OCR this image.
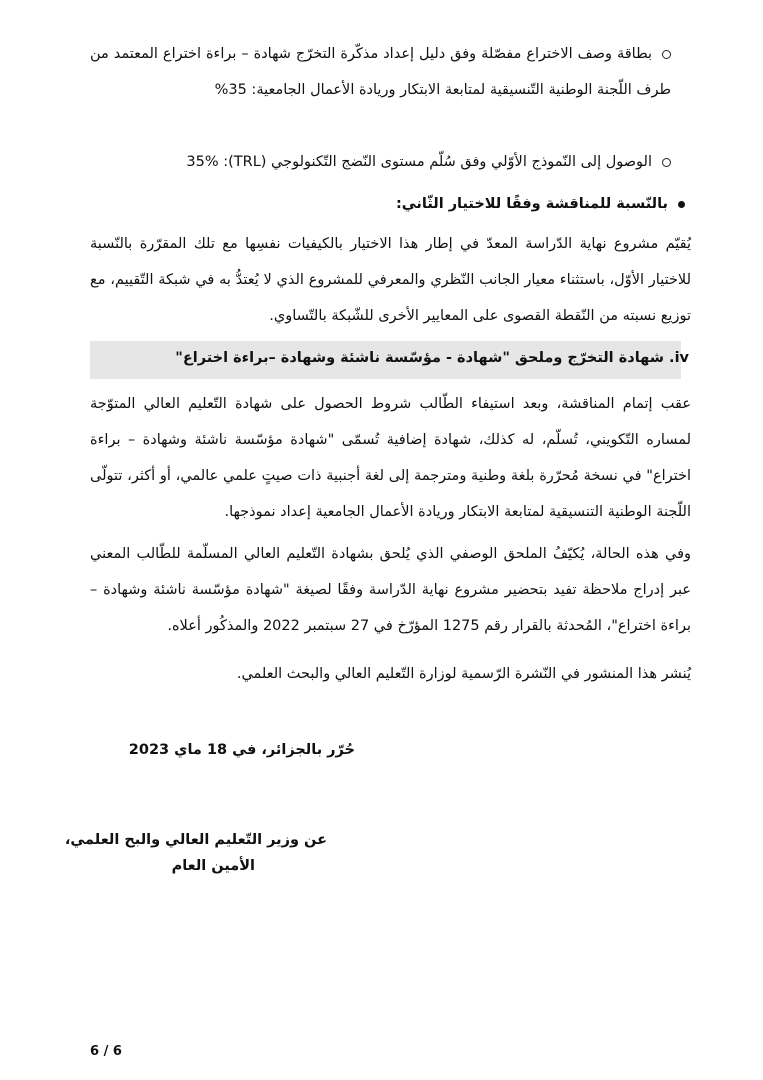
بطاقة وصف الاختراع مفصّلة وفق دليل إعداد مذكّرة التخرّج شهادة – براءة اختراع المعتمد من طرف اللّجنة الوطنية التّنسيقية لمتابعة الابتكار وريادة الأعمال الجامعية: 35%
الوصول إلى النّموذج الأوّلي وفق سُلّم مستوى النّضج التّكنولوجي (TRL): 35%
بالنّسبة للمناقشة وفقًا للاختيار الثّاني:
يُقيّم مشروع نهاية الدّراسة المعدّ في إطار هذا الاختيار بالكيفيات نفسِها مع تلك المقرّرة بالنّسبة للاختيار الأوّل، باستثناء معيار الجانب النّظري والمعرفي للمشروع الذي لا يُعتدُّ به في شبكة التّقييم، مع توزيع نسبته من النّقطة القصوى على المعايير الأخرى للشّبكة بالتّساوي.
iv. شهادة التخرّج وملحق "شهادة - مؤسّسة ناشئة وشهادة –براءة اختراع"
عقب إتمام المناقشة، وبعد استيفاء الطّالب شروط الحصول على شهادة التّعليم العالي المتوّجة لمساره التّكويني، تُسلّم، له كذلك، شهادة إضافية تُسمّى "شهادة مؤسّسة ناشئة وشهادة – براءة اختراع" في نسخة مُحرّرة بلغة وطنية ومترجمة إلى لغة أجنبية ذات صيتٍ علمي عالمي، أو أكثر، تتولّى اللّجنة الوطنية التنسيقية لمتابعة الابتكار وريادة الأعمال الجامعية إعداد نموذجها.
وفي هذه الحالة، يُكيّفُ الملحق الوصفي الذي يُلحق بشهادة التّعليم العالي المسلّمة للطّالب المعني عبر إدراج ملاحظة تفيد بتحضير مشروع نهاية الدّراسة وفقًا لصيغة "شهادة مؤسّسة ناشئة وشهادة – براءة اختراع"، المُحدثة بالقرار رقم 1275 المؤرّخ في 27 سبتمبر 2022 والمذكُور أعلاه.
يُنشر هذا المنشور في النّشرة الرّسمية لوزارة التّعليم العالي والبحث العلمي.
حُرّر بالجزائر، في 18 ماي 2023
عن وزير التّعليم العالي والبح العلمي،
الأمين العام
6 / 6
